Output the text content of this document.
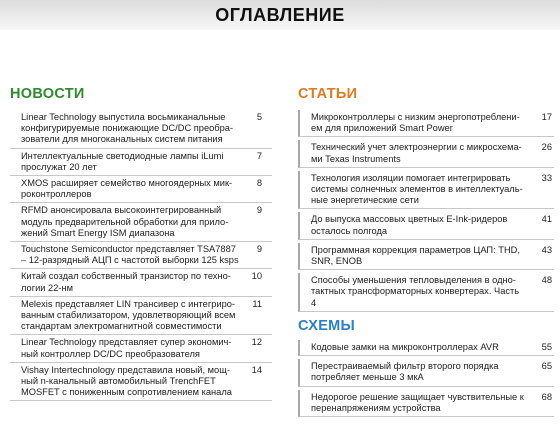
ОГЛАВЛЕНИЕ
НОВОСТИ
Linear Technology выпустила восьмиканальные
конфигурируемые понижающие DC/DC преобра-
зователи для многоканальных систем питания
5
Интеллектуальные светодиодные лампы iLumi
прослужат 20 лет
7
XMOS расширяет семейство многоядерных мик-
роконтроллеров
8
RFMD анонсировала высокоинтегрированный
модуль предварительной обработки для прило-
жений Smart Energy ISM диапазона
9
Touchstone Semiconductor представляет TSA7887
– 12-разрядный АЦП с частотой выборки 125 ksps
9
Китай создал собственный транзистор по техно-
логии 22-нм
10
Melexis представляет LIN трансивер с интегриро-
ванным стабилизатором, удовлетворяющий всем
стандартам электромагнитной совместимости
11
Linear Technology представляет супер экономич-
ный контроллер DC/DC преобразователя
12
Vishay Intertechnology представила новый, мощ-
ный n-канальный автомобильный TrenchFET
MOSFET с пониженным сопротивлением канала
14
СТАТЬИ
Микроконтроллеры с низким энергопотреблени-
ем для приложений Smart Power
17
Технический учет электроэнергии с микросхема-
ми Texas Instruments
26
Технология изоляции помогает интегрировать
системы солнечных элементов в интеллектуаль-
ные энергетические сети
33
До выпуска массовых цветных E-Ink-ридеров
осталось полгода
41
Программная коррекция параметров ЦАП: THD,
SNR, ENOB
43
Способы уменьшения тепловыделения в одно-
тактных трансформаторных конвертерах. Часть 4
48
СХЕМЫ
Кодовые замки на микроконтроллерах AVR	55
Перестраиваемый фильтр второго порядка
потребляет меньше 3 мкА
65
Недорогое решение защищает чувствительные к
перенапряжениям устройства
68
